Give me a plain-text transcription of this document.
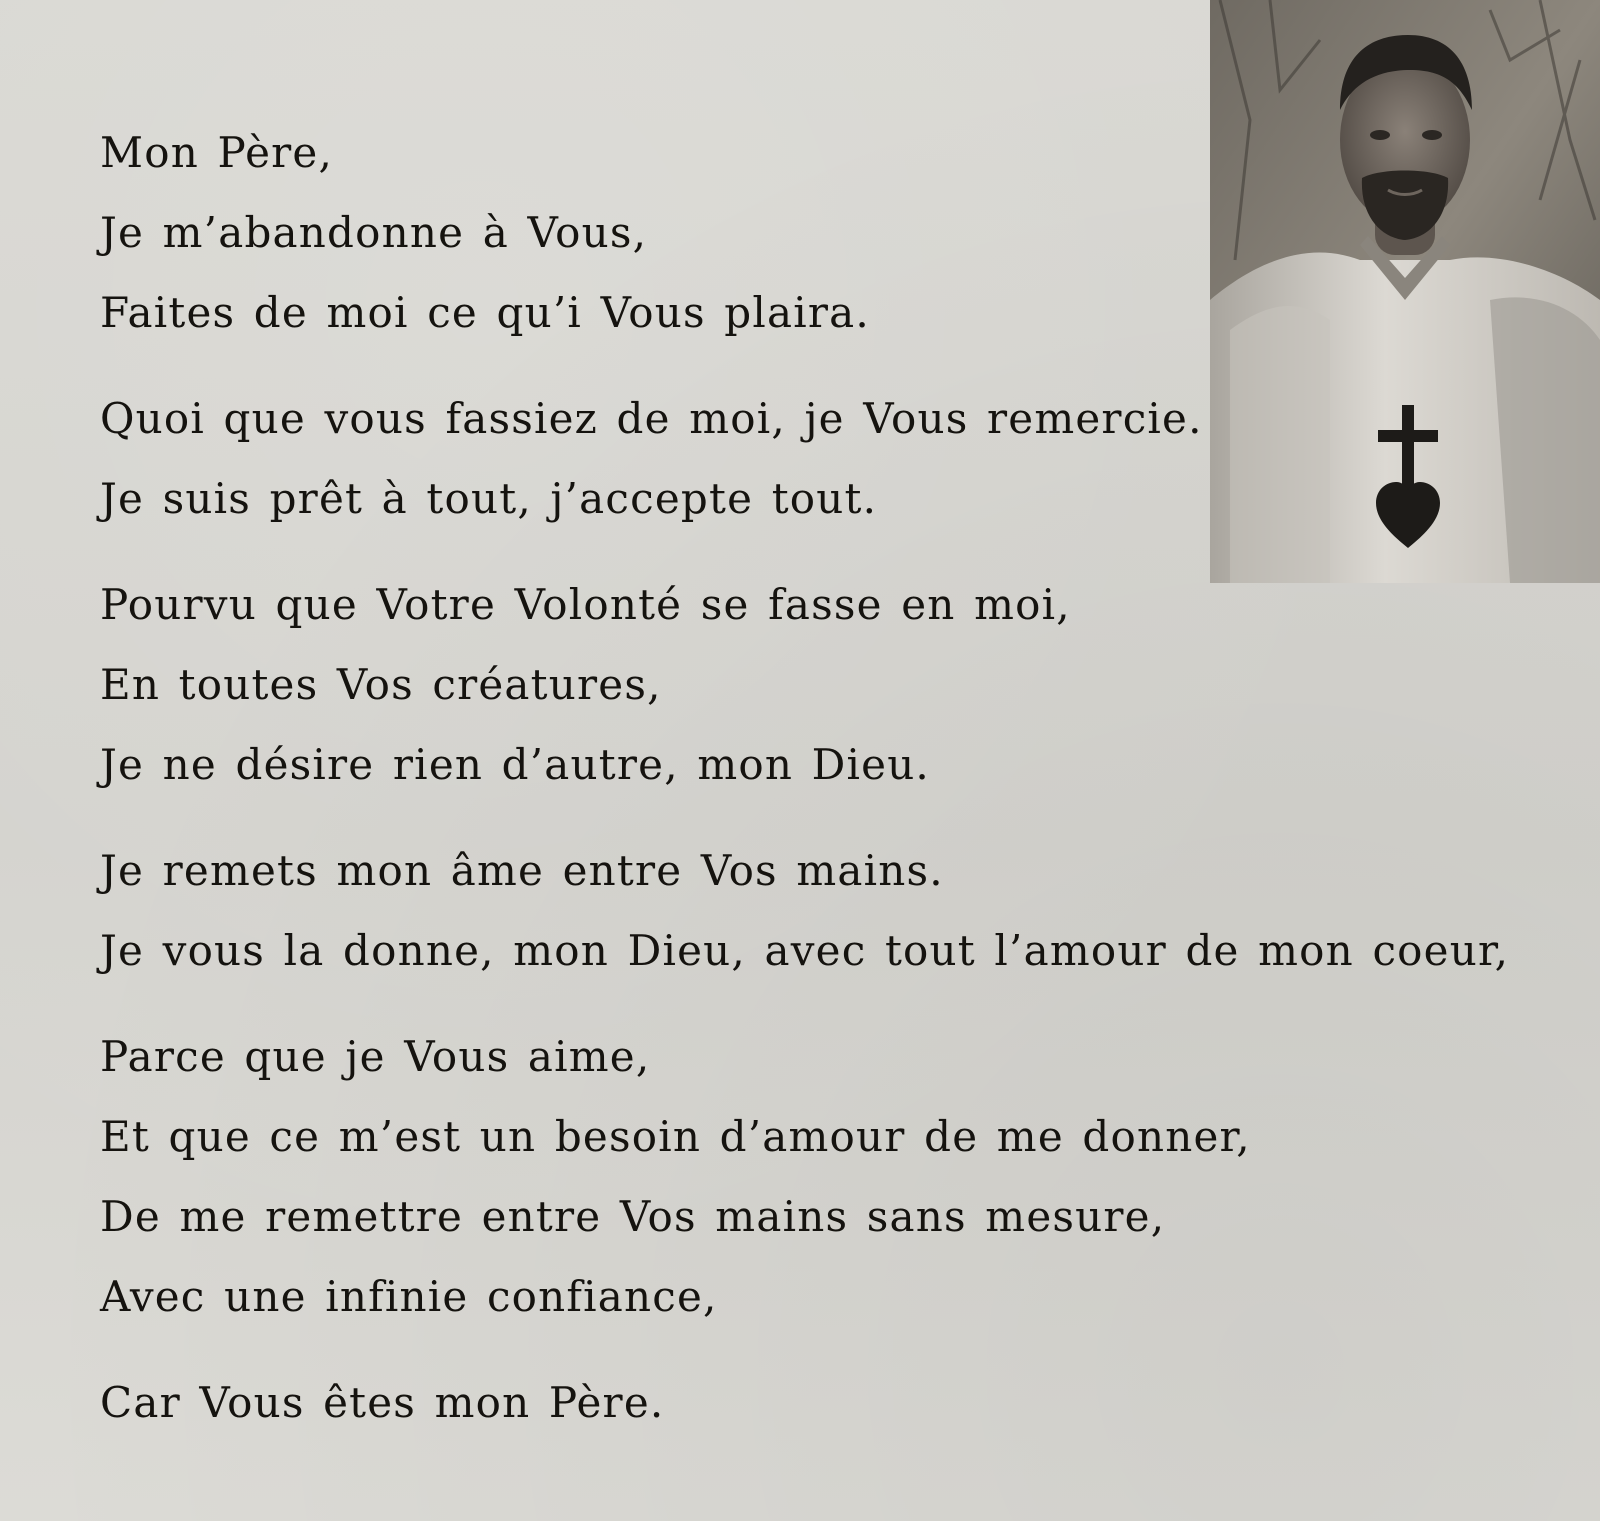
Mon Père,
Je m’abandonne à Vous,
Faites de moi ce qu’i Vous plaira.
Quoi que vous fassiez de moi, je Vous remercie.
Je suis prêt à tout, j’accepte tout.
Pourvu que Votre Volonté se fasse en moi,
En toutes Vos créatures,
Je ne désire rien d’autre, mon Dieu.
Je remets mon âme entre Vos mains.
Je vous la donne, mon Dieu, avec tout l’amour de mon coeur,
Parce que je Vous aime,
Et que ce m’est un besoin d’amour de me donner,
De me remettre entre Vos mains sans mesure,
Avec une infinie confiance,
Car Vous êtes mon Père.
